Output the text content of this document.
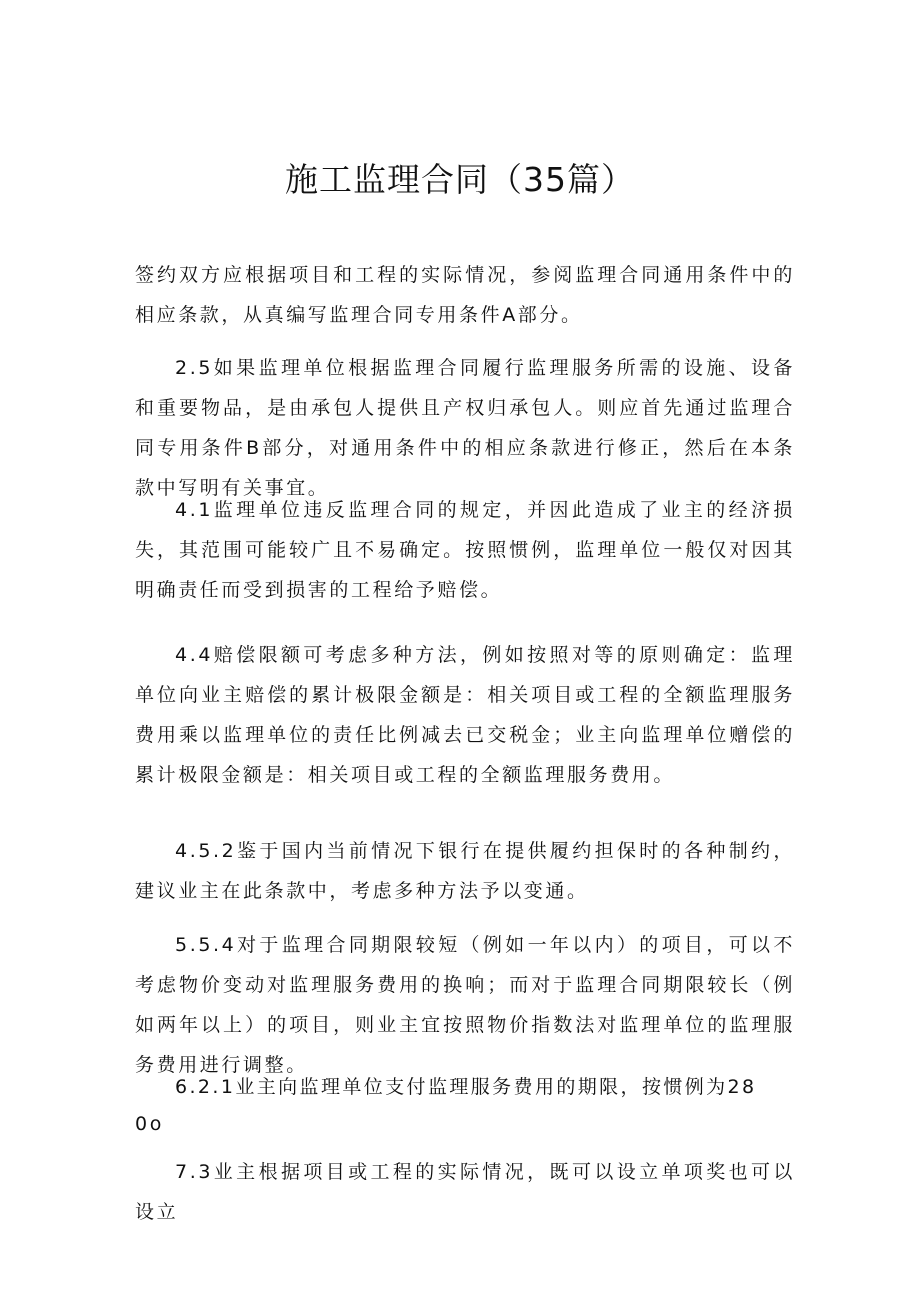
施工监理合同（35篇）

签约双方应根据项目和工程的实际情况，参阅监理合同通用条件中的相应条款，从真编写监理合同专用条件A部分。

2.5如果监理单位根据监理合同履行监理服务所需的设施、设备和重要物品，是由承包人提供且产权归承包人。则应首先通过监理合同专用条件B部分，对通用条件中的相应条款进行修正，然后在本条款中写明有关事宜。

4.1监理单位违反监理合同的规定，并因此造成了业主的经济损失，其范围可能较广且不易确定。按照惯例，监理单位一般仅对因其明确责任而受到损害的工程给予赔偿。

4.4赔偿限额可考虑多种方法，例如按照对等的原则确定：监理单位向业主赔偿的累计极限金额是：相关项目或工程的全额监理服务费用乘以监理单位的责任比例减去已交税金；业主向监理单位赠偿的累计极限金额是：相关项目或工程的全额监理服务费用。

4.5.2鉴于国内当前情况下银行在提供履约担保时的各种制约，建议业主在此条款中，考虑多种方法予以变通。

5.5.4对于监理合同期限较短（例如一年以内）的项目，可以不考虑物价变动对监理服务费用的换响；而对于监理合同期限较长（例如两年以上）的项目，则业主宜按照物价指数法对监理单位的监理服务费用进行调整。

6.2.1业主向监理单位支付监理服务费用的期限，按惯例为28

0o

7.3业主根据项目或工程的实际情况，既可以设立单项奖也可以设立
